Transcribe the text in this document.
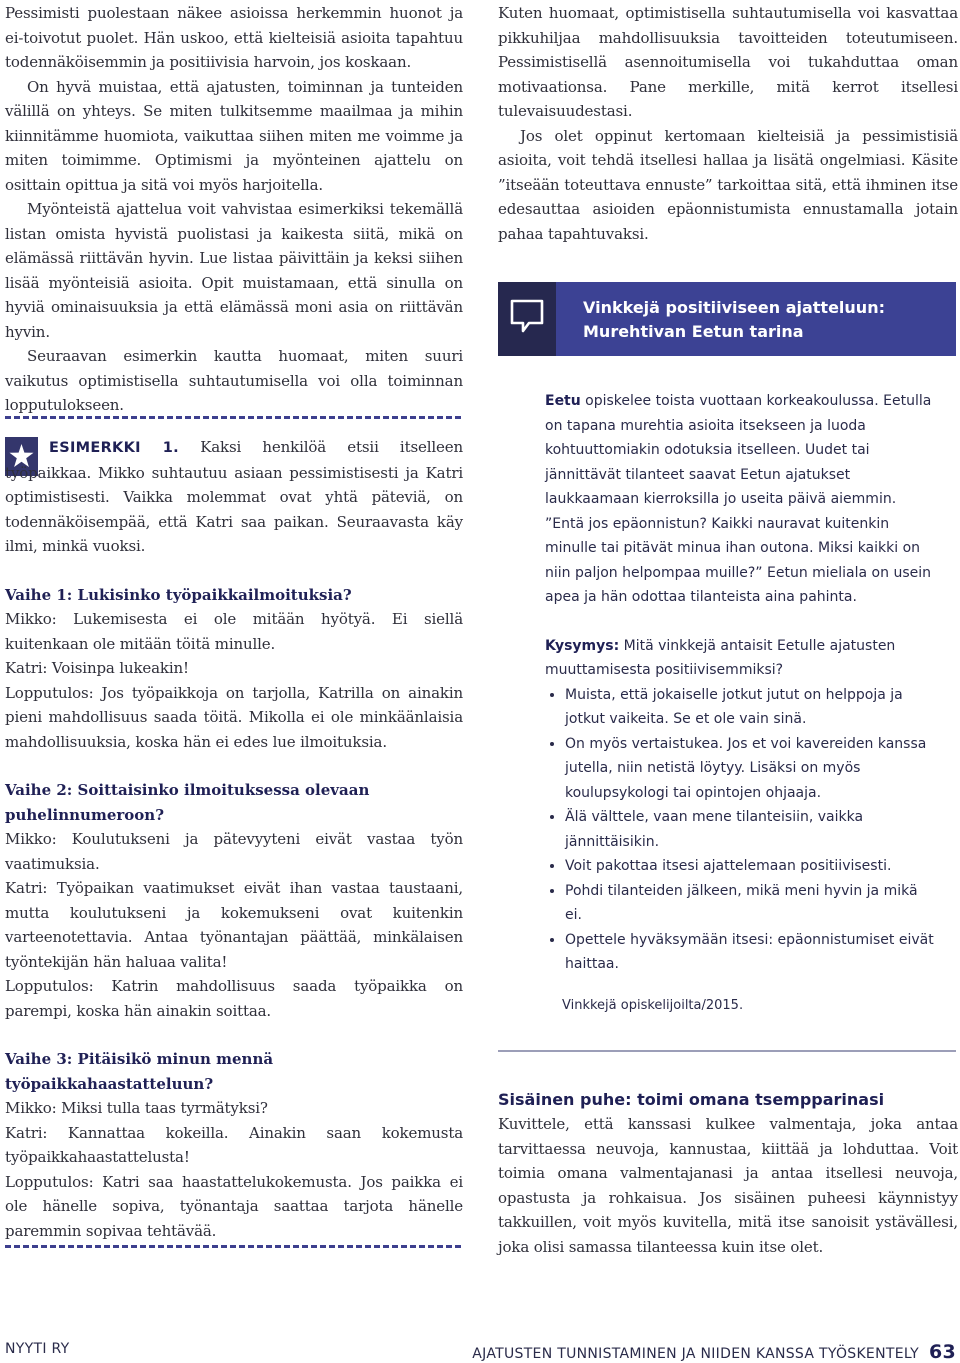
Pessimisti puolestaan näkee asioissa herkemmin huonot ja ei-toivotut puolet. Hän uskoo, että kielteisiä asioita tapahtuu todennäköisemmin ja positiivisia harvoin, jos koskaan.

On hyvä muistaa, että ajatusten, toiminnan ja tunteiden välillä on yhteys. Se miten tulkitsemme maailmaa ja mihin kiinnitämme huomiota, vaikuttaa siihen miten me voimme ja miten toimimme. Optimismi ja myönteinen ajattelu on osittain opittua ja sitä voi myös harjoitella.

Myönteistä ajattelua voit vahvistaa esimerkiksi tekemällä listan omista hyvistä puolistasi ja kaikesta siitä, mikä on elämässä riittävän hyvin. Lue listaa päivittäin ja keksi siihen lisää myönteisiä asioita. Opit muistamaan, että sinulla on hyviä ominaisuuksia ja että elämässä moni asia on riittävän hyvin.

Seuraavan esimerkin kautta huomaat, miten suuri vaikutus optimistisella suhtautumisella voi olla toiminnan lopputulokseen.

ESIMERKKI 1. Kaksi henkilöä etsii itselleen työpaikkaa. Mikko suhtautuu asiaan pessimistisesti ja Katri optimistisesti. Vaikka molemmat ovat yhtä päteviä, on todennäköisempää, että Katri saa paikan. Seuraavasta käy ilmi, minkä vuoksi.

Vaihe 1: Lukisinko työpaikkailmoituksia?

Mikko: Lukemisesta ei ole mitään hyötyä. Ei siellä kuitenkaan ole mitään töitä minulle.

Katri: Voisinpa lukeakin!

Lopputulos: Jos työpaikkoja on tarjolla, Katrilla on ainakin pieni mahdollisuus saada töitä. Mikolla ei ole minkäänlaisia mahdollisuuksia, koska hän ei edes lue ilmoituksia.

Vaihe 2: Soittaisinko ilmoituksessa olevaan puhelinnumeroon?

Mikko: Koulutukseni ja pätevyyteni eivät vastaa työn vaatimuksia.

Katri: Työpaikan vaatimukset eivät ihan vastaa taustaani, mutta koulutukseni ja kokemukseni ovat kuitenkin varteenotettavia. Antaa työnantajan päättää, minkälaisen työntekijän hän haluaa valita!

Lopputulos: Katrin mahdollisuus saada työpaikka on parempi, koska hän ainakin soittaa.

Vaihe 3: Pitäisikö minun mennä työpaikkahaastatteluun?

Mikko: Miksi tulla taas tyrmätyksi?

Katri: Kannattaa kokeilla. Ainakin saan kokemusta työpaikkahaastattelusta!

Lopputulos: Katri saa haastattelukokemusta. Jos paikka ei ole hänelle sopiva, työnantaja saattaa tarjota hänelle paremmin sopivaa tehtävää.

Kuten huomaat, optimistisella suhtautumisella voi kasvattaa pikkuhiljaa mahdollisuuksia tavoitteiden toteutumiseen. Pessimistisellä asennoitumisella voi tukahduttaa oman motivaationsa. Pane merkille, mitä kerrot itsellesi tulevaisuudestasi.

Jos olet oppinut kertomaan kielteisiä ja pessimistisiä asioita, voit tehdä itsellesi hallaa ja lisätä ongelmiasi. Käsite ”itseään toteuttava ennuste” tarkoittaa sitä, että ihminen itse edesauttaa asioiden epäonnistumista ennustamalla jotain pahaa tapahtuvaksi.

Vinkkejä positiiviseen ajatteluun:
Murehtivan Eetun tarina

Eetu opiskelee toista vuottaan korkeakoulussa. Eetulla on tapana murehtia asioita itsekseen ja luoda kohtuuttomiakin odotuksia itselleen. Uudet tai jännittävät tilanteet saavat Eetun ajatukset laukkaamaan kierroksilla jo useita päivä aiemmin. ”Entä jos epäonnistun? Kaikki nauravat kuitenkin minulle tai pitävät minua ihan outona. Miksi kaikki on niin paljon helpompaa muille?” Eetun mieliala on usein apea ja hän odottaa tilanteista aina pahinta.

Kysymys: Mitä vinkkejä antaisit Eetulle ajatusten muuttamisesta positiivisemmiksi?

• Muista, että jokaiselle jotkut jutut on helppoja ja jotkut vaikeita. Se et ole vain sinä.
• On myös vertaistukea. Jos et voi kavereiden kanssa jutella, niin netistä löytyy. Lisäksi on myös koulupsykologi tai opintojen ohjaaja.
• Älä välttele, vaan mene tilanteisiin, vaikka jännittäisikin.
• Voit pakottaa itsesi ajattelemaan positiivisesti.
• Pohdi tilanteiden jälkeen, mikä meni hyvin ja mikä ei.
• Opettele hyväksymään itsesi: epäonnistumiset eivät haittaa.
Vinkkejä opiskelijoilta/2015.
Sisäinen puhe: toimi omana tsempparinasi

Kuvittele, että kanssasi kulkee valmentaja, joka antaa tarvittaessa neuvoja, kannustaa, kiittää ja lohduttaa. Voit toimia omana valmentajanasi ja antaa itsellesi neuvoja, opastusta ja rohkaisua. Jos sisäinen puheesi käynnistyy takkuillen, voit myös kuvitella, mitä itse sanoisit ystävällesi, joka olisi samassa tilanteessa kuin itse olet.

NYYTI RY	AJATUSTEN TUNNISTAMINEN JA NIIDEN KANSSA TYÖSKENTELY 63
